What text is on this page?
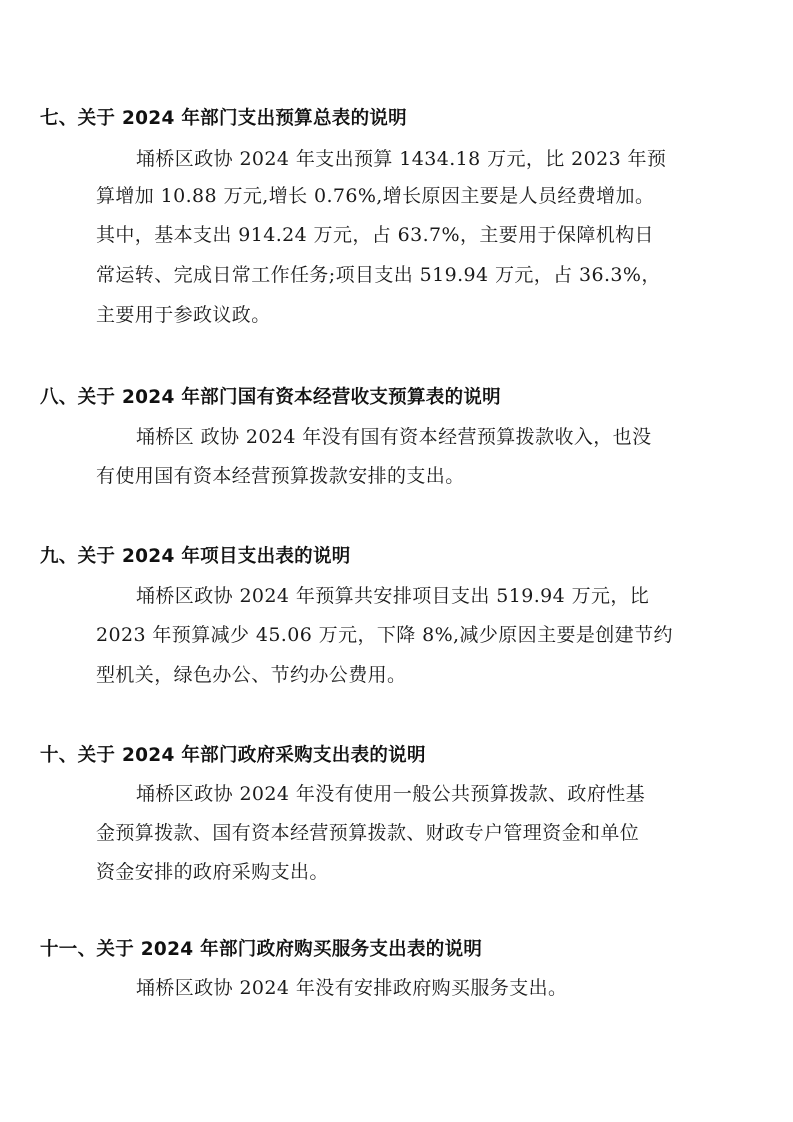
七、关于 2024 年部门支出预算总表的说明
埇桥区政协 2024 年支出预算 1434.18 万元，比 2023 年预
算增加 10.88 万元,增长 0.76%,增长原因主要是人员经费增加。
其中，基本支出 914.24 万元，占 63.7%，主要用于保障机构日
常运转、完成日常工作任务;项目支出 519.94 万元，占 36.3%，
主要用于参政议政。
八、关于 2024 年部门国有资本经营收支预算表的说明
埇桥区 政协 2024 年没有国有资本经营预算拨款收入，也没
有使用国有资本经营预算拨款安排的支出。
九、关于 2024 年项目支出表的说明
埇桥区政协 2024 年预算共安排项目支出 519.94 万元，比
2023 年预算减少 45.06 万元，下降 8%,减少原因主要是创建节约
型机关，绿色办公、节约办公费用。
十、关于 2024 年部门政府采购支出表的说明
埇桥区政协 2024 年没有使用一般公共预算拨款、政府性基
金预算拨款、国有资本经营预算拨款、财政专户管理资金和单位
资金安排的政府采购支出。
十一、关于 2024 年部门政府购买服务支出表的说明
埇桥区政协 2024 年没有安排政府购买服务支出。
